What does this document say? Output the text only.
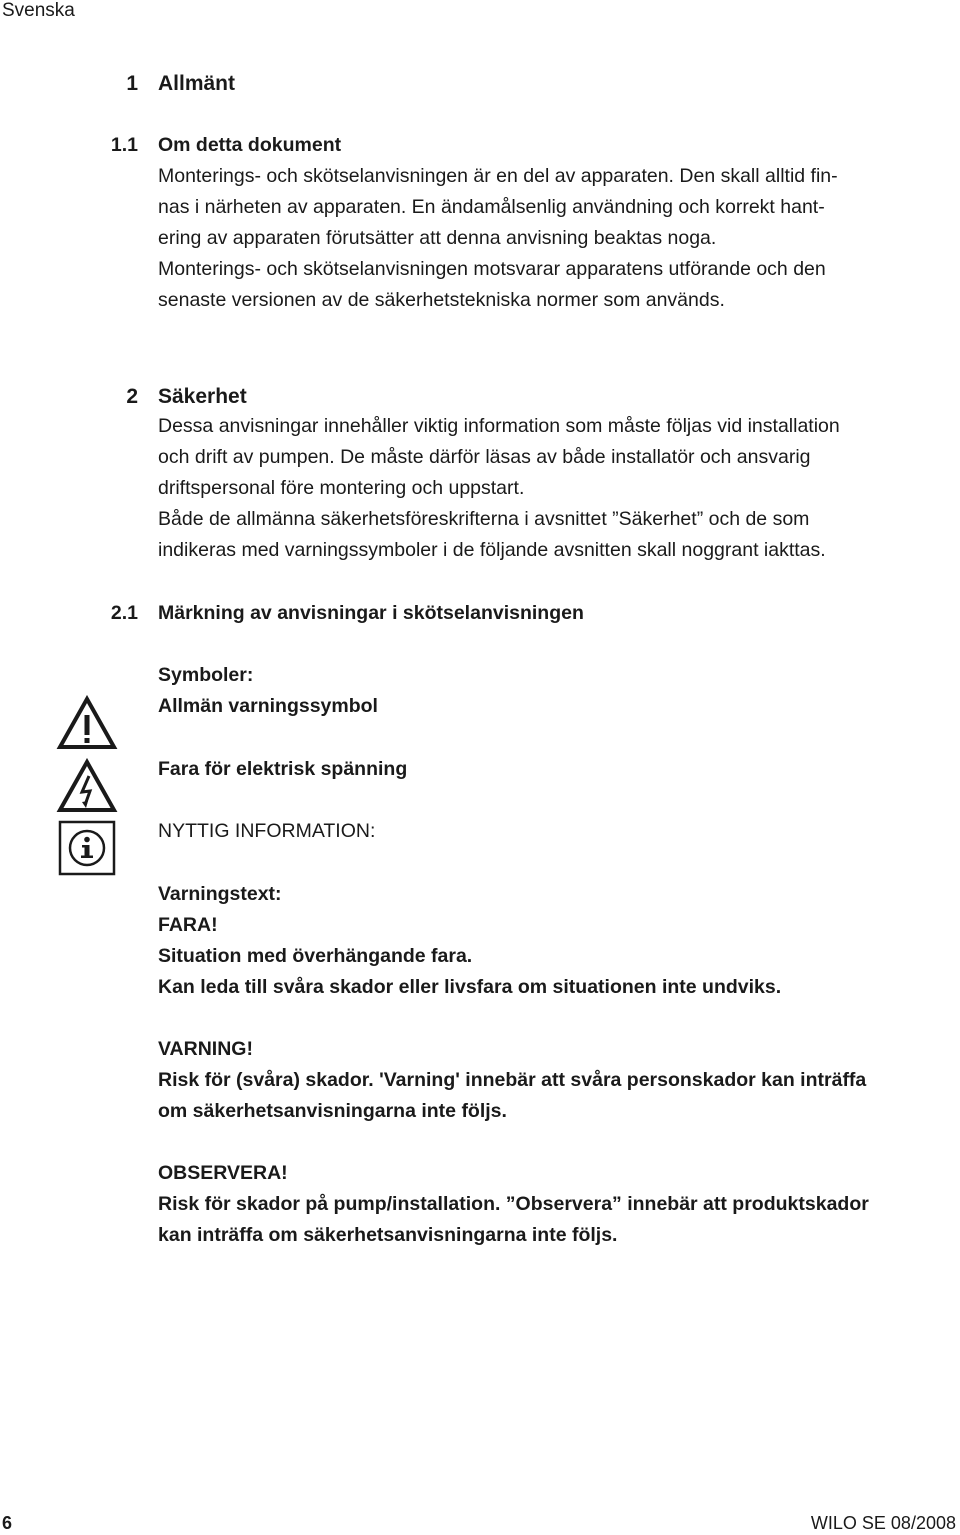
Svenska
1 Allmänt
1.1 Om detta dokument

Monterings- och skötselanvisningen är en del av apparaten. Den skall alltid fin-

nas i närheten av apparaten. En ändamålsenlig användning och korrekt hant-

ering av apparaten förutsätter att denna anvisning beaktas noga.

Monterings- och skötselanvisningen motsvarar apparatens utförande och den

senaste versionen av de säkerhetstekniska normer som används.

2 Säkerhet

Dessa anvisningar innehåller viktig information som måste följas vid installation

och drift av pumpen. De måste därför läsas av både installatör och ansvarig

driftspersonal före montering och uppstart.

Både de allmänna säkerhetsföreskrifterna i avsnittet ”Säkerhet” och de som

indikeras med varningssymboler i de följande avsnitten skall noggrant iakttas.

2.1 Märkning av anvisningar i skötselanvisningen
Symboler:
Allmän varningssymbol
Fara för elektrisk spänning
NYTTIG INFORMATION:
Varningstext:
FARA!
Situation med överhängande fara.
Kan leda till svåra skador eller livsfara om situationen inte undviks.
VARNING!
Risk för (svåra) skador. 'Varning' innebär att svåra personskador kan inträffa
om säkerhetsanvisningarna inte följs.
OBSERVERA!
Risk för skador på pump/installation. ”Observera” innebär att produktskador
kan inträffa om säkerhetsanvisningarna inte följs.
6	WILO SE 08/2008
